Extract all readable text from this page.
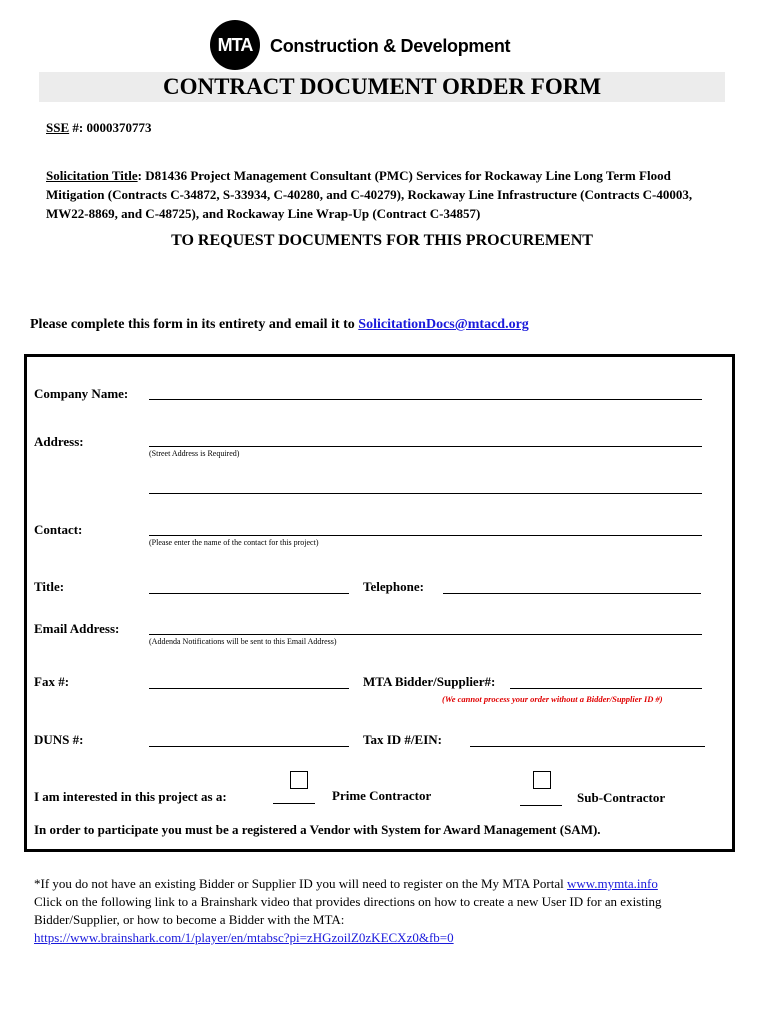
MTA Construction & Development
CONTRACT DOCUMENT ORDER FORM
SSE #: 0000370773
Solicitation Title: D81436 Project Management Consultant (PMC) Services for Rockaway Line Long Term Flood Mitigation (Contracts C-34872, S-33934, C-40280, and C-40279), Rockaway Line Infrastructure (Contracts C-40003, MW22-8869, and C-48725), and Rockaway Line Wrap-Up (Contract C-34857)
TO REQUEST DOCUMENTS FOR THIS PROCUREMENT
Please complete this form in its entirety and email it to SolicitationDocs@mtacd.org
Company Name:
Address:
(Street Address is Required)
Contact:
(Please enter the name of the contact for this project)
Title:	Telephone:
Email Address:
(Addenda Notifications will be sent to this Email Address)
Fax #:	MTA Bidder/Supplier#:
(We cannot process your order without a Bidder/Supplier ID #)
DUNS #:	Tax ID #/EIN:
I am interested in this project as a:	Prime Contractor	Sub-Contractor
In order to participate you must be a registered a Vendor with System for Award Management (SAM).
*If you do not have an existing Bidder or Supplier ID you will need to register on the My MTA Portal www.mymta.info
Click on the following link to a Brainshark video that provides directions on how to create a new User ID for an existing Bidder/Supplier, or how to become a Bidder with the MTA:
https://www.brainshark.com/1/player/en/mtabsc?pi=zHGzoilZ0zKECXz0&fb=0
